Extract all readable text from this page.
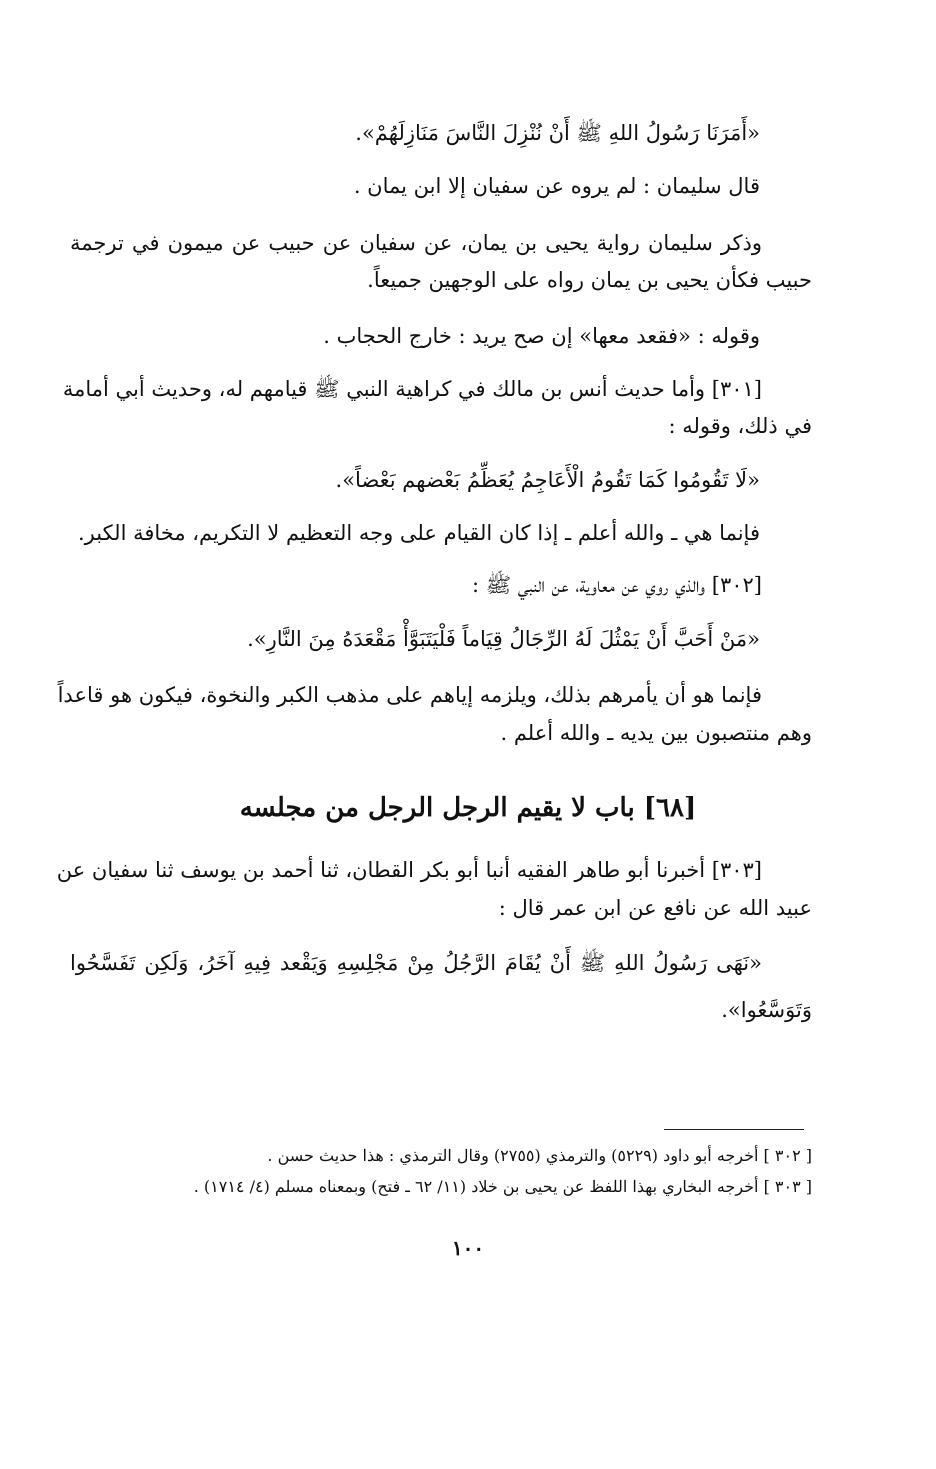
«أَمَرَنَا رَسُولُ اللهِ ﷺ أَنْ نُنْزِلَ النَّاسَ مَنَازِلَهُمْ».
قال سليمان : لم يروه عن سفيان إلا ابن يمان .
وذكر سليمان رواية يحيى بن يمان، عن سفيان عن حبيب عن ميمون في ترجمة
حبيب فكأن يحيى بن يمان رواه على الوجهين جميعاً.
وقوله : «فقعد معها» إن صح يريد : خارج الحجاب .
[٣٠١] وأما حديث أنس بن مالك في كراهية النبي ﷺ قيامهم له، وحديث أبي أمامة
في ذلك، وقوله :
«لَا تَقُومُوا كَمَا تَقُومُ الْأَعَاجِمُ يُعَظِّمُ بَعْضهم بَعْضاً».
فإنما هي ـ والله أعلم ـ إذا كان القيام على وجه التعظيم لا التكريم، مخافة الكبر.
[٣٠٢] والذي روي عن معاوية، عن النبي ﷺ :
«مَنْ أَحَبَّ أَنْ يَمْثُلَ لَهُ الرِّجَالُ قِيَاماً فَلْيَتَبَوَّأْ مَقْعَدَهُ مِنَ النَّارِ».
فإنما هو أن يأمرهم بذلك، ويلزمه إياهم على مذهب الكبر والنخوة، فيكون هو قاعداً
وهم منتصبون بين يديه ـ والله أعلم .
[٦٨] باب لا يقيم الرجل الرجل من مجلسه
[٣٠٣] أخبرنا أبو طاهر الفقيه أنبا أبو بكر القطان، ثنا أحمد بن يوسف ثنا سفيان عن
عبيد الله عن نافع عن ابن عمر قال :
«نَهَى رَسُولُ اللهِ ﷺ أَنْ يُقَامَ الرَّجُلُ مِنْ مَجْلِسِهِ وَيَقْعد فِيهِ آخَرُ، وَلَكِن تَفَسَّحُوا
وَتَوَسَّعُوا».
[ ٣٠٢ ] أخرجه أبو داود (٥٢٢٩) والترمذي (٢٧٥٥) وقال الترمذي : هذا حديث حسن .
[ ٣٠٣ ] أخرجه البخاري بهذا اللفظ عن يحيى بن خلاد (١١/ ٦٢ ـ فتح) وبمعناه مسلم (٤/ ١٧١٤) .
١٠٠
